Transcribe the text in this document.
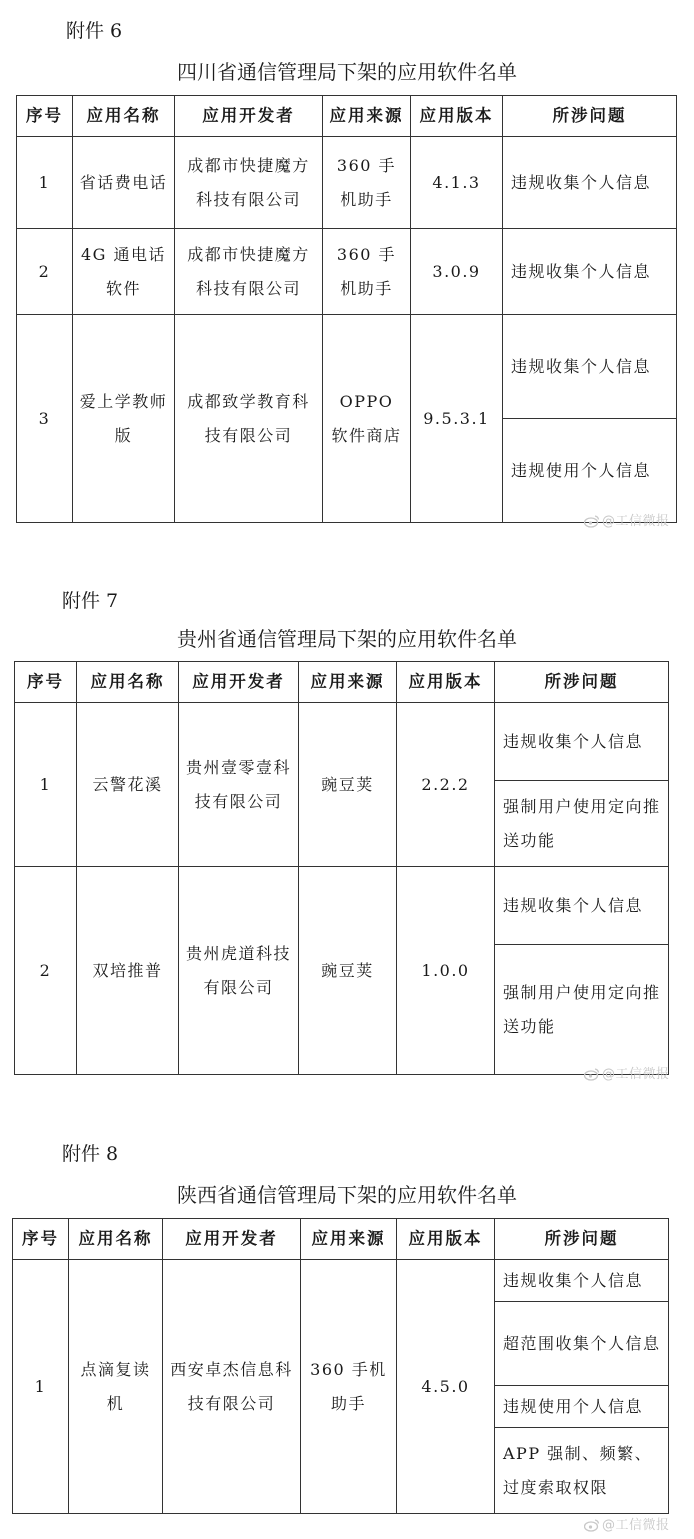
附件 6
四川省通信管理局下架的应用软件名单
序号	应用名称	应用开发者	应用来源	应用版本	所涉问题
1	省话费电话	成都市快捷魔方科技有限公司	360 手机助手	4.1.3	违规收集个人信息
2	4G 通电话软件	成都市快捷魔方科技有限公司	360 手机助手	3.0.9	违规收集个人信息
3	爱上学教师版	成都致学教育科技有限公司	OPPO 软件商店	9.5.3.1	违规收集个人信息
					违规使用个人信息
@工信微报
附件 7
贵州省通信管理局下架的应用软件名单
序号	应用名称	应用开发者	应用来源	应用版本	所涉问题
1	云警花溪	贵州壹零壹科技有限公司	豌豆荚	2.2.2	违规收集个人信息
					强制用户使用定向推送功能
2	双培推普	贵州虎道科技有限公司	豌豆荚	1.0.0	违规收集个人信息
					强制用户使用定向推送功能
@工信微报
附件 8
陕西省通信管理局下架的应用软件名单
序号	应用名称	应用开发者	应用来源	应用版本	所涉问题
1	点滴复读机	西安卓杰信息科技有限公司	360 手机助手	4.5.0	违规收集个人信息
					超范围收集个人信息
					违规使用个人信息
					APP 强制、频繁、过度索取权限
@工信微报
